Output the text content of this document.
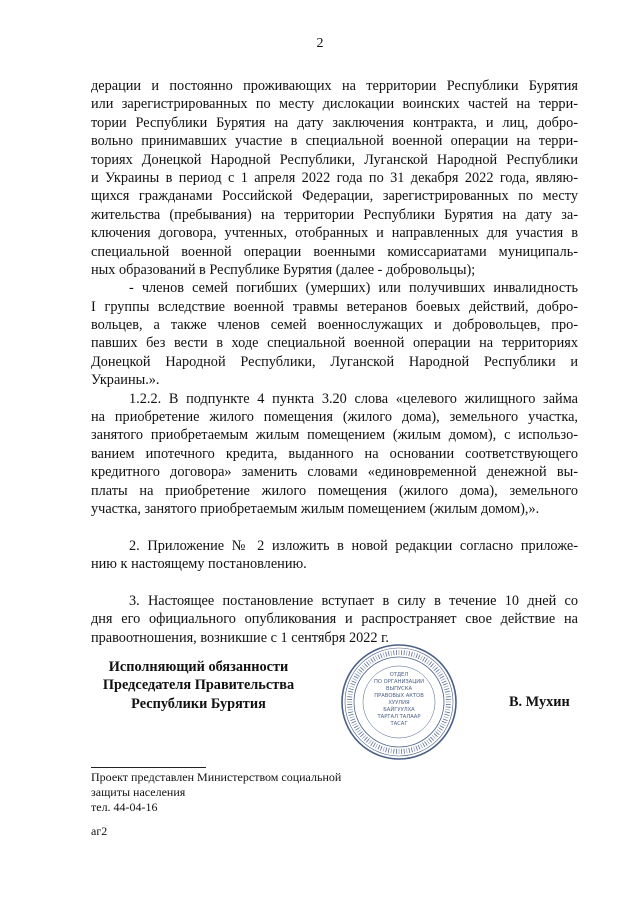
2
дерации и постоянно проживающих на территории Республики Бурятия
или зарегистрированных по месту дислокации воинских частей на терри-
тории Республики Бурятия на дату заключения контракта, и лиц, добро-
вольно принимавших участие в специальной военной операции на терри-
ториях Донецкой Народной Республики, Луганской Народной Республики
и Украины в период с 1 апреля 2022 года по 31 декабря 2022 года, являю-
щихся гражданами Российской Федерации, зарегистрированных по месту
жительства (пребывания) на территории Республики Бурятия на дату за-
ключения договора, учтенных, отобранных и направленных для участия в
специальной военной операции военными комиссариатами муниципаль-
ных образований в Республике Бурятия (далее - добровольцы);
- членов семей погибших (умерших) или получивших инвалидность
I группы вследствие военной травмы ветеранов боевых действий, добро-
вольцев, а также членов семей военнослужащих и добровольцев, про-
павших без вести в ходе специальной военной операции на территориях
Донецкой Народной Республики, Луганской Народной Республики и
Украины.».
1.2.2. В подпункте 4 пункта 3.20 слова «целевого жилищного займа
на приобретение жилого помещения (жилого дома), земельного участка,
занятого приобретаемым жилым помещением (жилым домом), с использо-
ванием ипотечного кредита, выданного на основании соответствующего
кредитного договора» заменить словами «единовременной денежной вы-
платы на приобретение жилого помещения (жилого дома), земельного
участка, занятого приобретаемым жилым помещением (жилым домом),».
2. Приложение № 2 изложить в новой редакции согласно приложе-
нию к настоящему постановлению.
3. Настоящее постановление вступает в силу в течение 10 дней со
дня его официального опубликования и распространяет свое действие на
правоотношения, возникшие с 1 сентября 2022 г.
Исполняющий обязанности
Председателя Правительства
Республики Бурятия
ОТДЕЛ
ПО ОРГАНИЗАЦИИ
ВЫПУСКА
ПРАВОВЫХ АКТОВ
ХУУЛИЯ
БАЙГУУЛХА
ТАРГАЛ ТАЛААР
ТАСАГ
В. Мухин
Проект представлен Министерством социальной
защиты населения
тел. 44-04-16
аг2
